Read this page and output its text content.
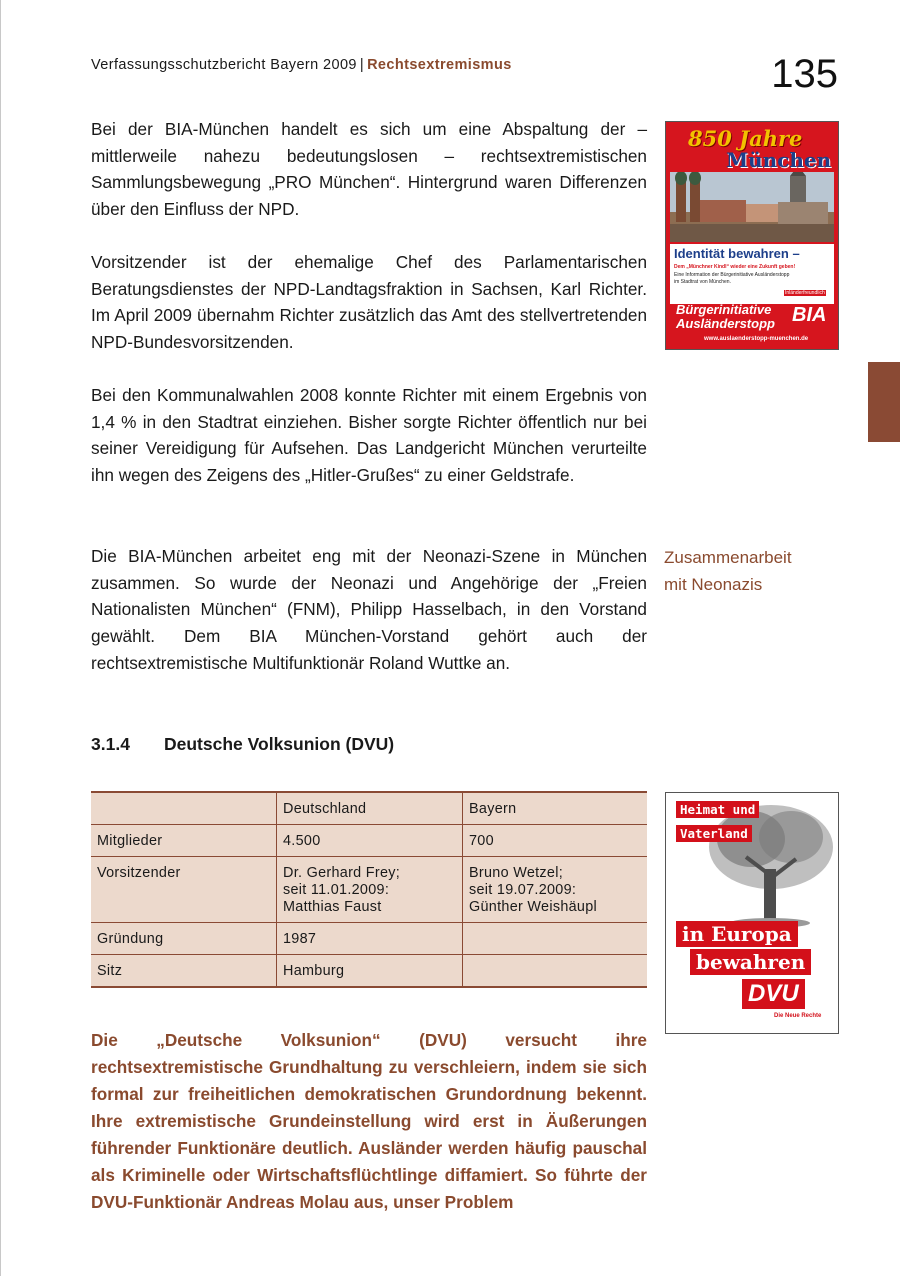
Verfassungsschutzbericht Bayern 2009 | Rechtsextremismus	135

Bei der BIA-München handelt es sich um eine Abspaltung der – mittlerweile nahezu bedeutungslosen – rechtsextremistischen Sammlungsbewegung „PRO München“. Hintergrund waren Differenzen über den Einfluss der NPD.

Vorsitzender ist der ehemalige Chef des Parlamentarischen Beratungsdienstes der NPD-Landtagsfraktion in Sachsen, Karl Richter. Im April 2009 übernahm Richter zusätzlich das Amt des stellvertretenden NPD-Bundesvorsitzenden.

Bei den Kommunalwahlen 2008 konnte Richter mit einem Ergebnis von 1,4 % in den Stadtrat einziehen. Bisher sorgte Richter öffentlich nur bei seiner Vereidigung für Aufsehen. Das Landgericht München verurteilte ihn wegen des Zeigens des „Hitler-Grußes“ zu einer Geldstrafe.

Die BIA-München arbeitet eng mit der Neonazi-Szene in München zusammen. So wurde der Neonazi und Angehörige der „Freien Nationalisten München“ (FNM), Philipp Hasselbach, in den Vorstand gewählt. Dem BIA München-Vorstand gehört auch der rechtsextremistische Multifunktionär Roland Wuttke an.

Zusammenarbeit
mit Neonazis
3.1.4 Deutsche Volksunion (DVU)
	Deutschland	Bayern
Mitglieder	4.500	700
Vorsitzender	Dr. Gerhard Frey;
seit 11.01.2009:
Matthias Faust	Bruno Wetzel;
seit 19.07.2009:
Günther Weishäupl
Gründung	1987	
Sitz	Hamburg	

Die „Deutsche Volksunion“ (DVU) versucht ihre rechtsextremistische Grundhaltung zu verschleiern, indem sie sich formal zur freiheitlichen demokratischen Grundordnung bekennt. Ihre extremistische Grundeinstellung wird erst in Äußerungen führender Funktionäre deutlich. Ausländer werden häufig pauschal als Kriminelle oder Wirtschaftsflüchtlinge diffamiert. So führte der DVU-Funktionär Andreas Molau aus, unser Problem

850 Jahre
München
Identität bewahren –
Dem „Münchner Kindl“ wieder eine Zukunft geben!
Eine Information der Bürgerinitiative Ausländerstopp
im Stadtrat von München.
Inländerfreundlich
Bürgerinitiative
Ausländerstopp BIA
www.auslaenderstopp-muenchen.de
Heimat und
Vaterland
in Europa
bewahren
DVU
Die Neue Rechte
